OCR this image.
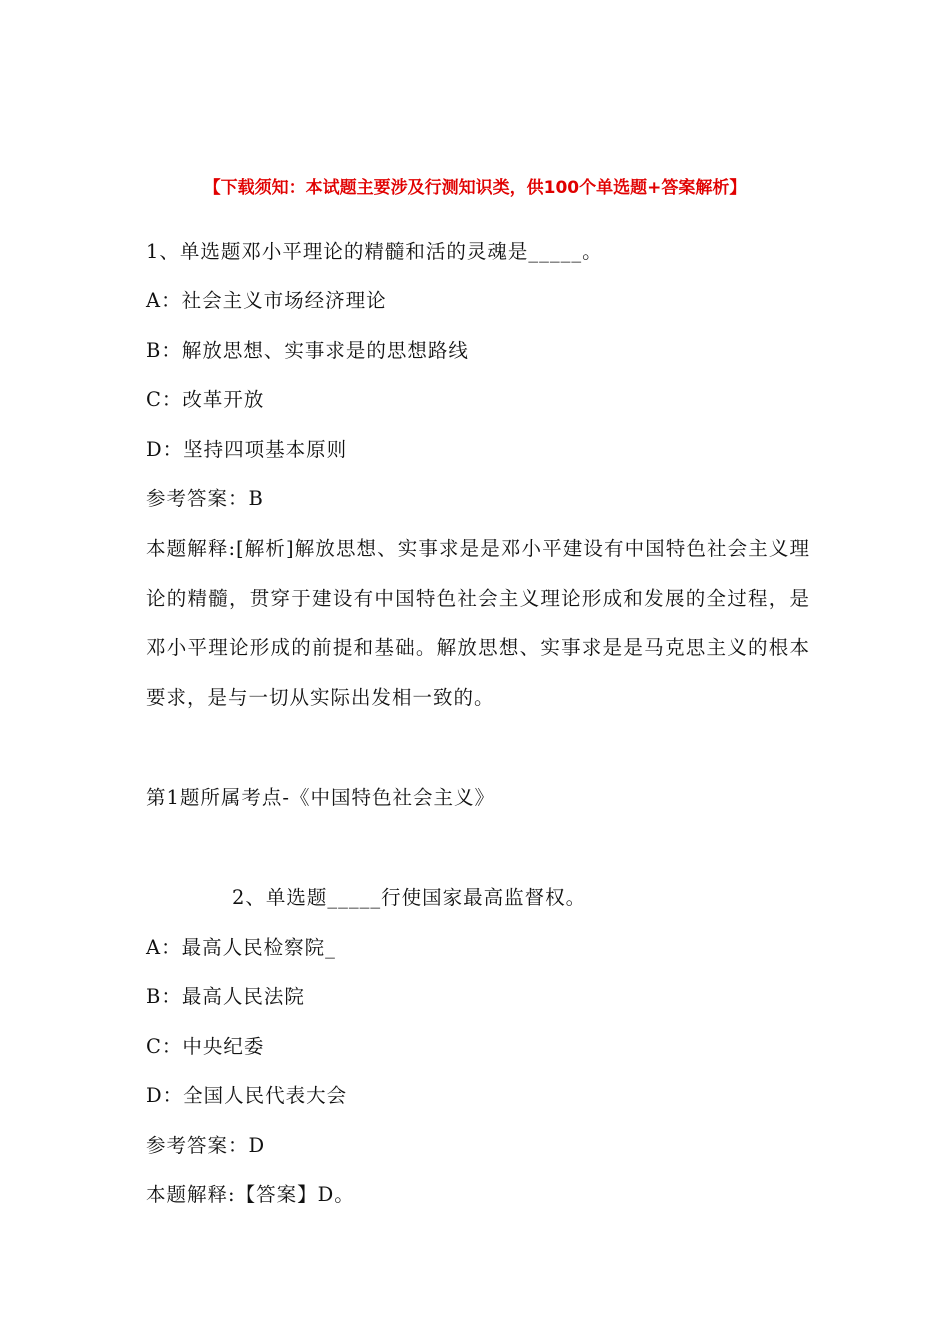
【下载须知：本试题主要涉及行测知识类，供100个单选题+答案解析】
1、单选题邓小平理论的精髓和活的灵魂是_____。
A：社会主义市场经济理论
B：解放思想、实事求是的思想路线
C：改革开放
D：坚持四项基本原则
参考答案：B
本题解释:[解析]解放思想、实事求是是邓小平建设有中国特色社会主义理论的精髓，贯穿于建设有中国特色社会主义理论形成和发展的全过程，是邓小平理论形成的前提和基础。解放思想、实事求是是马克思主义的根本要求，是与一切从实际出发相一致的。
第1题所属考点-《中国特色社会主义》
2、单选题_____行使国家最高监督权。
A：最高人民检察院_
B：最高人民法院
C：中央纪委
D：全国人民代表大会
参考答案：D
本题解释:【答案】D。
